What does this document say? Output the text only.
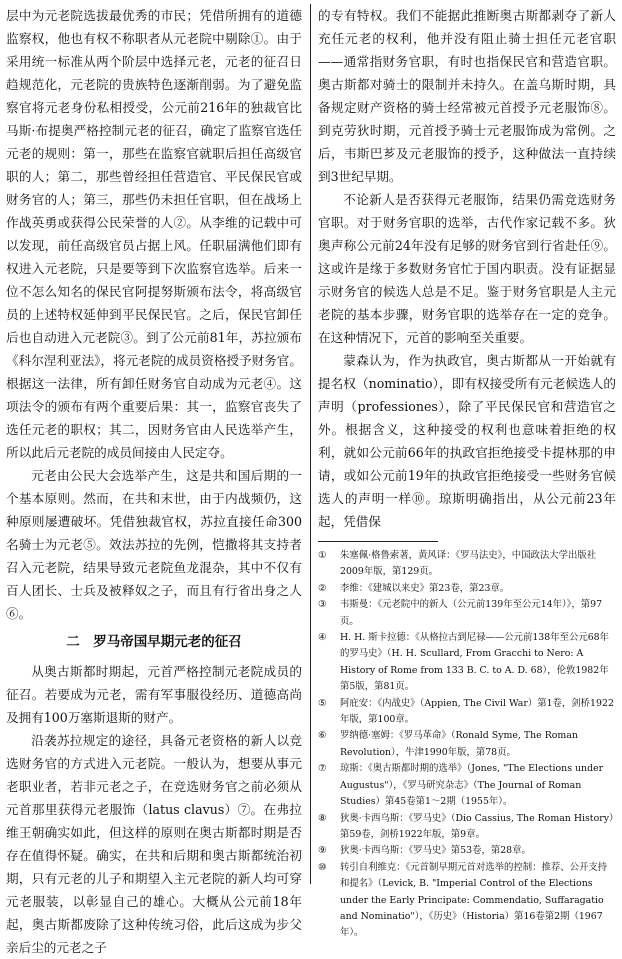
层中为元老院选拔最优秀的市民；凭借所拥有的道德监察权，他也有权不称职者从元老院中剔除①。由于采用统一标准从两个阶层中选择元老，元老的征召日趋规范化，元老院的贵族特色逐渐削弱。为了避免监察官将元老身份私相授受，公元前216年的独裁官比马斯·布提奥严格控制元老的征召，确定了监察官选任元老的规则：第一，那些在监察官就职后担任高级官职的人；第二，那些曾经担任营造官、平民保民官或财务官的人；第三，那些仍未担任官职，但在战场上作战英勇或获得公民荣誉的人②。从李维的记载中可以发现，前任高级官员占据上风。任职届满他们即有权进入元老院，只是要等到下次监察官选举。后来一位不怎么知名的保民官阿提努斯颁布法令，将高级官员的上述特权延伸到平民保民官。之后，保民官卸任后也自动进入元老院③。到了公元前81年，苏拉颁布《科尔涅利亚法》，将元老院的成员资格授予财务官。根据这一法律，所有卸任财务官自动成为元老④。这项法令的颁布有两个重要后果：其一，监察官丧失了选任元老的职权；其二，因财务官由人民选举产生，所以此后元老院的成员间接由人民定夺。

元老由公民大会选举产生，这是共和国后期的一个基本原则。然而，在共和末世，由于内战频仍，这种原则屡遭破坏。凭借独裁官权，苏拉直接任命300名骑士为元老⑤。效法苏拉的先例，恺撒将其支持者召入元老院，结果导致元老院鱼龙混杂，其中不仅有百人团长、士兵及被释奴之子，而且有行省出身之人⑥。

二　罗马帝国早期元老的征召

从奥古斯都时期起，元首严格控制元老院成员的征召。若要成为元老，需有军事服役经历、道德高尚及拥有100万塞斯退斯的财产。

沿袭苏拉规定的途径，具备元老资格的新人以竞选财务官的方式进入元老院。一般认为，想要从事元老职业者，若非元老之子，在竞选财务官之前必须从元首那里获得元老服饰（latus clavus）⑦。在弗拉维王朝确实如此，但这样的原则在奥古斯都时期是否存在值得怀疑。确实，在共和后期和奥古斯都统治初期，只有元老的儿子和期望入主元老院的新人均可穿元老服装，以彰显自己的雄心。大概从公元前18年起，奥古斯都废除了这种传统习俗，此后这成为步父亲后尘的元老之子

的专有特权。我们不能据此推断奥古斯都剥夺了新人充任元老的权利，他并没有阻止骑士担任元老官职——通常指财务官职，有时也指保民官和营造官职。奥古斯都对骑士的限制并未持久。在盖乌斯时期，具备规定财产资格的骑士经常被元首授予元老服饰⑧。到克劳狄时期，元首授予骑士元老服饰成为常例。之后，韦斯巴芗及元老服饰的授予，这种做法一直持续到3世纪早期。

不论新人是否获得元老服饰，结果仍需竞选财务官职。对于财务官职的选举，古代作家记载不多。狄奥声称公元前24年没有足够的财务官到行省赴任⑨。这或许是缘于多数财务官忙于国内职责。没有证据显示财务官的候选人总是不足。鉴于财务官职是人主元老院的基本步骤，财务官职的选举存在一定的竞争。在这种情况下，元首的影响至关重要。

蒙森认为，作为执政官，奥古斯都从一开始就有提名权（nominatio），即有权接受所有元老候选人的声明（professiones），除了平民保民官和营造官之外。根据含义，这种接受的权利也意味着拒绝的权利，就如公元前66年的执政官拒绝接受卡提林那的申请，或如公元前19年的执政官拒绝接受一些财务官候选人的声明一样⑩。琼斯明确指出，从公元前23年起，凭借保

①	朱塞佩·格鲁索著，黄风译：《罗马法史》，中国政法大学出版社2009年版，第129页。
②	李维：《建城以来史》第23卷，第23章。
③	韦斯曼：《元老院中的新人（公元前139年至公元14年）》，第97页。
④	H. H. 斯卡拉德：《从格拉古到尼禄——公元前138年至公元68年的罗马史》（H. H. Scullard, From Gracchi to Nero: A History of Rome from 133 B. C. to A. D. 68），伦敦1982年第5版，第81页。
⑤	阿庇安：《内战史》（Appien, The Civil War）第1卷，剑桥1922年版，第100章。
⑥	罗纳德·塞姆：《罗马革命》（Ronald Syme, The Roman Revolution），牛津1990年版，第78页。
⑦	琼斯：《奥古斯都时期的选举》（Jones, "The Elections under Augustus"），《罗马研究杂志》（The Journal of Roman Studies）第45卷第1～2期（1955年）。
⑧	狄奥·卡西乌斯：《罗马史》（Dio Cassius, The Roman History）第59卷，剑桥1922年版，第9章。
⑨	狄奥·卡西乌斯：《罗马史》第53卷，第28章。
⑩	转引自利维克：《元首制早期元首对选举的控制：推荐、公开支持和提名》（Levick, B. "Imperial Control of the Elections under the Early Principate: Commendatio, Suffaragatio and Nominatio"），《历史》（Historia）第16卷第2期（1967年）。
